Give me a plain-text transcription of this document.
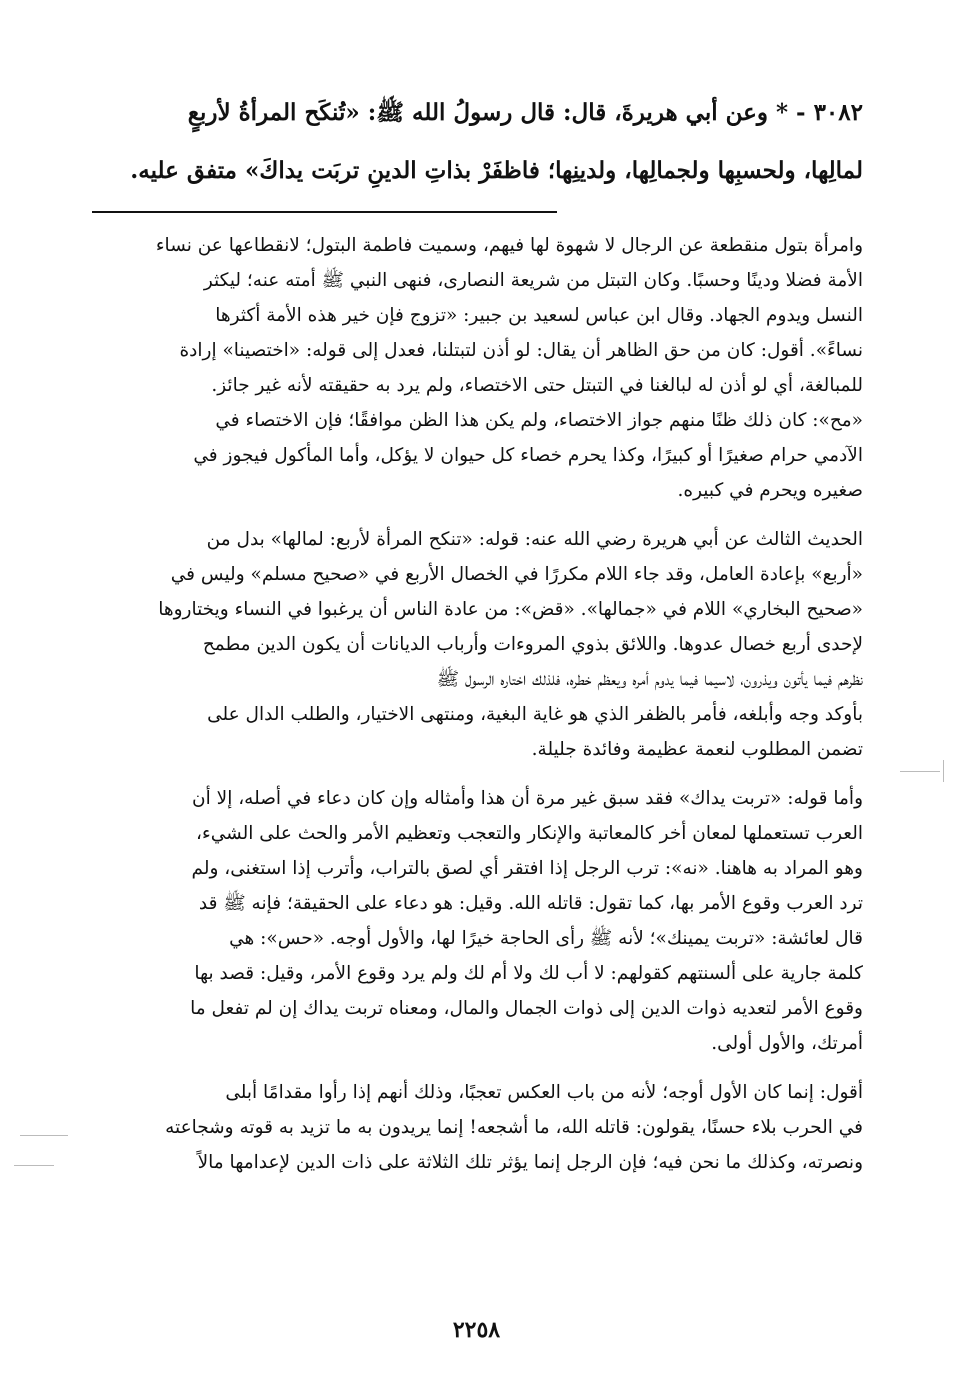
٣٠٨٢ - * وعن أبي هريرةَ، قال: قال رسولُ الله ﷺ: «تُنكَح المرأةُ لأربعٍ
لمالِها، ولحسبِها ولجمالِها، ولدينِها؛ فاظفَرْ بذاتِ الدينِ تربَت يداكَ» متفق عليه.
وامرأة بتول منقطعة عن الرجال لا شهوة لها فيهم، وسميت فاطمة البتول؛ لانقطاعها عن نساء
الأمة فضلا ودينًا وحسبًا. وكان التبتل من شريعة النصارى، فنهى النبي ﷺ أمته عنه؛ ليكثر
النسل ويدوم الجهاد. وقال ابن عباس لسعيد بن جبير: «تزوج فإن خير هذه الأمة أكثرها
نساءً». أقول: كان من حق الظاهر أن يقال: لو أذن لتبتلنا، فعدل إلى قوله: «اختصينا» إرادة
للمبالغة، أي لو أذن له لبالغنا في التبتل حتى الاختصاء، ولم يرد به حقيقته لأنه غير جائز.
«مح»: كان ذلك ظنًا منهم جواز الاختصاء، ولم يكن هذا الظن موافقًا؛ فإن الاختصاء في
الآدمي حرام صغيرًا أو كبيرًا، وكذا يحرم خصاء كل حيوان لا يؤكل، وأما المأكول فيجوز في
صغيره ويحرم في كبيره.
الحديث الثالث عن أبي هريرة رضي الله عنه: قوله: «تنكح المرأة لأربع: لمالها» بدل من
«أربع» بإعادة العامل، وقد جاء اللام مكررًا في الخصال الأربع في «صحيح مسلم» وليس في
«صحيح البخاري» اللام في «جمالها». «قض»: من عادة الناس أن يرغبوا في النساء ويختاروها
لإحدى أربع خصال عدوها. واللائق بذوي المروءات وأرباب الديانات أن يكون الدين مطمح
نظرهم فيما يأتون ويذرون، لاسيما فيما يدوم أمره ويعظم خطره، فلذلك اختاره الرسول ﷺ
بأوكد وجه وأبلغه، فأمر بالظفر الذي هو غاية البغية، ومنتهى الاختيار، والطلب الدال على
تضمن المطلوب لنعمة عظيمة وفائدة جليلة.
وأما قوله: «تربت يداك» فقد سبق غير مرة أن هذا وأمثاله وإن كان دعاء في أصله، إلا أن
العرب تستعملها لمعان أخر كالمعاتبة والإنكار والتعجب وتعظيم الأمر والحث على الشيء،
وهو المراد به هاهنا. «نه»: ترب الرجل إذا افتقر أي لصق بالتراب، وأترب إذا استغنى، ولم
ترد العرب وقوع الأمر بها، كما تقول: قاتله الله. وقيل: هو دعاء على الحقيقة؛ فإنه ﷺ قد
قال لعائشة: «تربت يمينك»؛ لأنه ﷺ رأى الحاجة خيرًا لها، والأول أوجه. «حس»: هي
كلمة جارية على ألسنتهم كقولهم: لا أب لك ولا أم لك ولم يرد وقوع الأمر، وقيل: قصد بها
وقوع الأمر لتعديه ذوات الدين إلى ذوات الجمال والمال، ومعناه تربت يداك إن لم تفعل ما
أمرتك، والأول أولى.
أقول: إنما كان الأول أوجه؛ لأنه من باب العكس تعجبًا، وذلك أنهم إذا رأوا مقدامًا أبلى
في الحرب بلاء حسنًا، يقولون: قاتله الله، ما أشجعه! إنما يريدون به ما تزيد به قوته وشجاعته
ونصرته، وكذلك ما نحن فيه؛ فإن الرجل إنما يؤثر تلك الثلاثة على ذات الدين لإعدامها مالاً
٢٢٥٨
